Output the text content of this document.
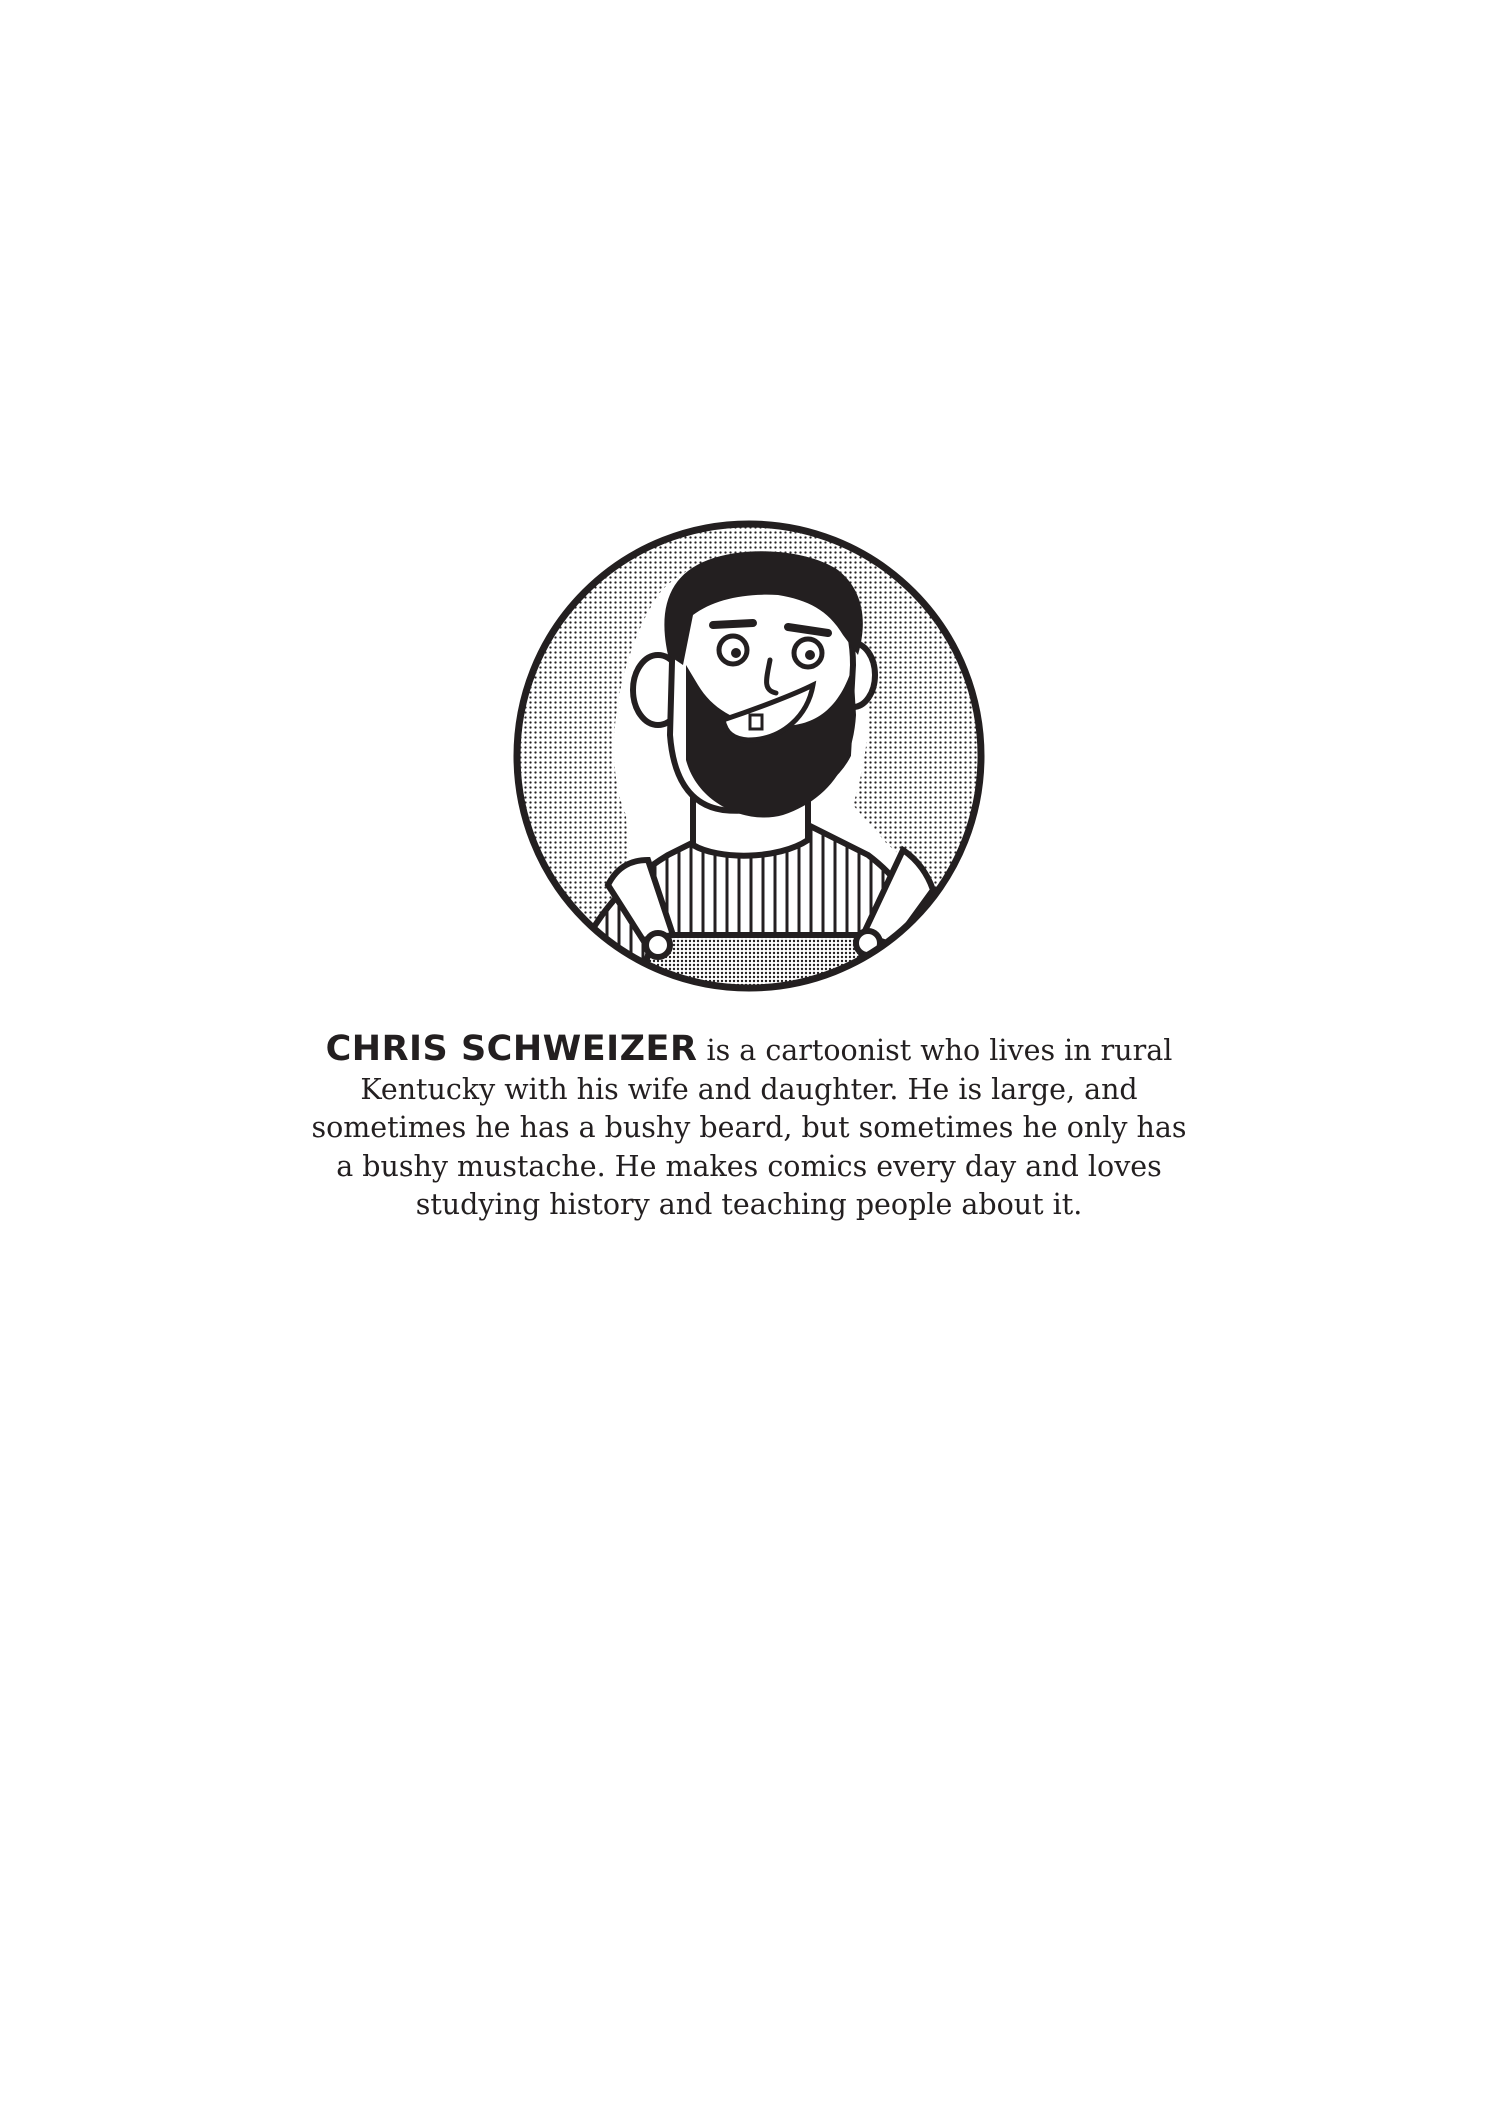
CHRIS SCHWEIZER is a cartoonist who lives in rural
Kentucky with his wife and daughter. He is large, and
sometimes he has a bushy beard, but sometimes he only has
a bushy mustache. He makes comics every day and loves
studying history and teaching people about it.
